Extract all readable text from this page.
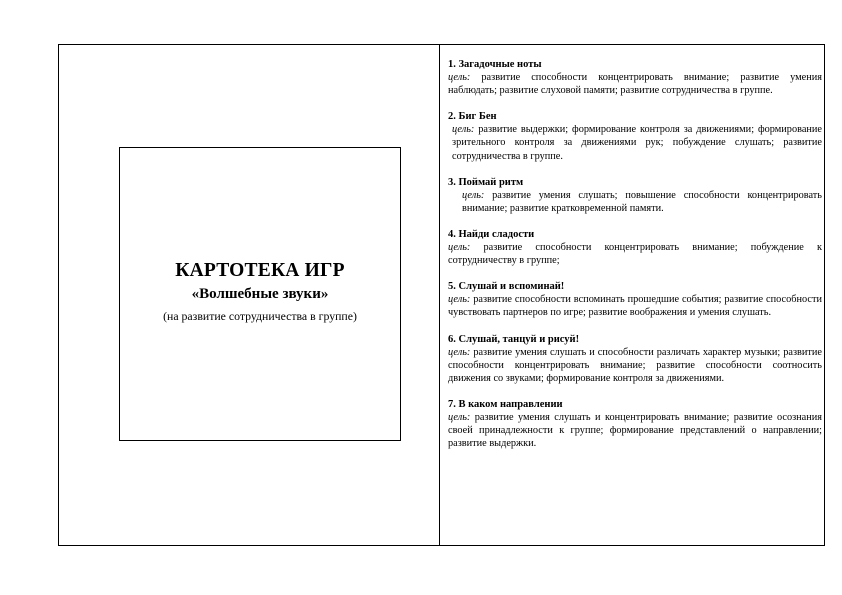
КАРТОТЕКА ИГР
«Волшебные звуки»
(на развитие сотрудничества в группе)
1. Загадочные ноты
цель: развитие способности концентрировать внимание; развитие умения наблюдать; развитие слуховой памяти; развитие сотрудничества в группе.
2. Биг Бен
цель: развитие выдержки; формирование контроля за движениями; формирование зрительного контроля за движениями рук; побуждение слушать; развитие сотрудничества в группе.
3. Поймай ритм
цель: развитие умения слушать; повышение способности концентрировать внимание; развитие кратковременной памяти.
4. Найди сладости
цель: развитие способности концентрировать внимание; побуждение к сотрудничеству в группе;
5. Слушай и вспоминай!
цель: развитие способности вспоминать прошедшие события; развитие способности чувствовать партнеров по игре; развитие воображения и умения слушать.
6. Слушай, танцуй и рисуй!
цель: развитие умения слушать и способности различать характер музыки; развитие способности концентрировать внимание; развитие способности соотносить движения со звуками; формирование контроля за движениями.
7. В каком направлении
цель: развитие умения слушать и концентрировать внимание; развитие осознания своей принадлежности к группе; формирование представлений о направлении; развитие выдержки.
